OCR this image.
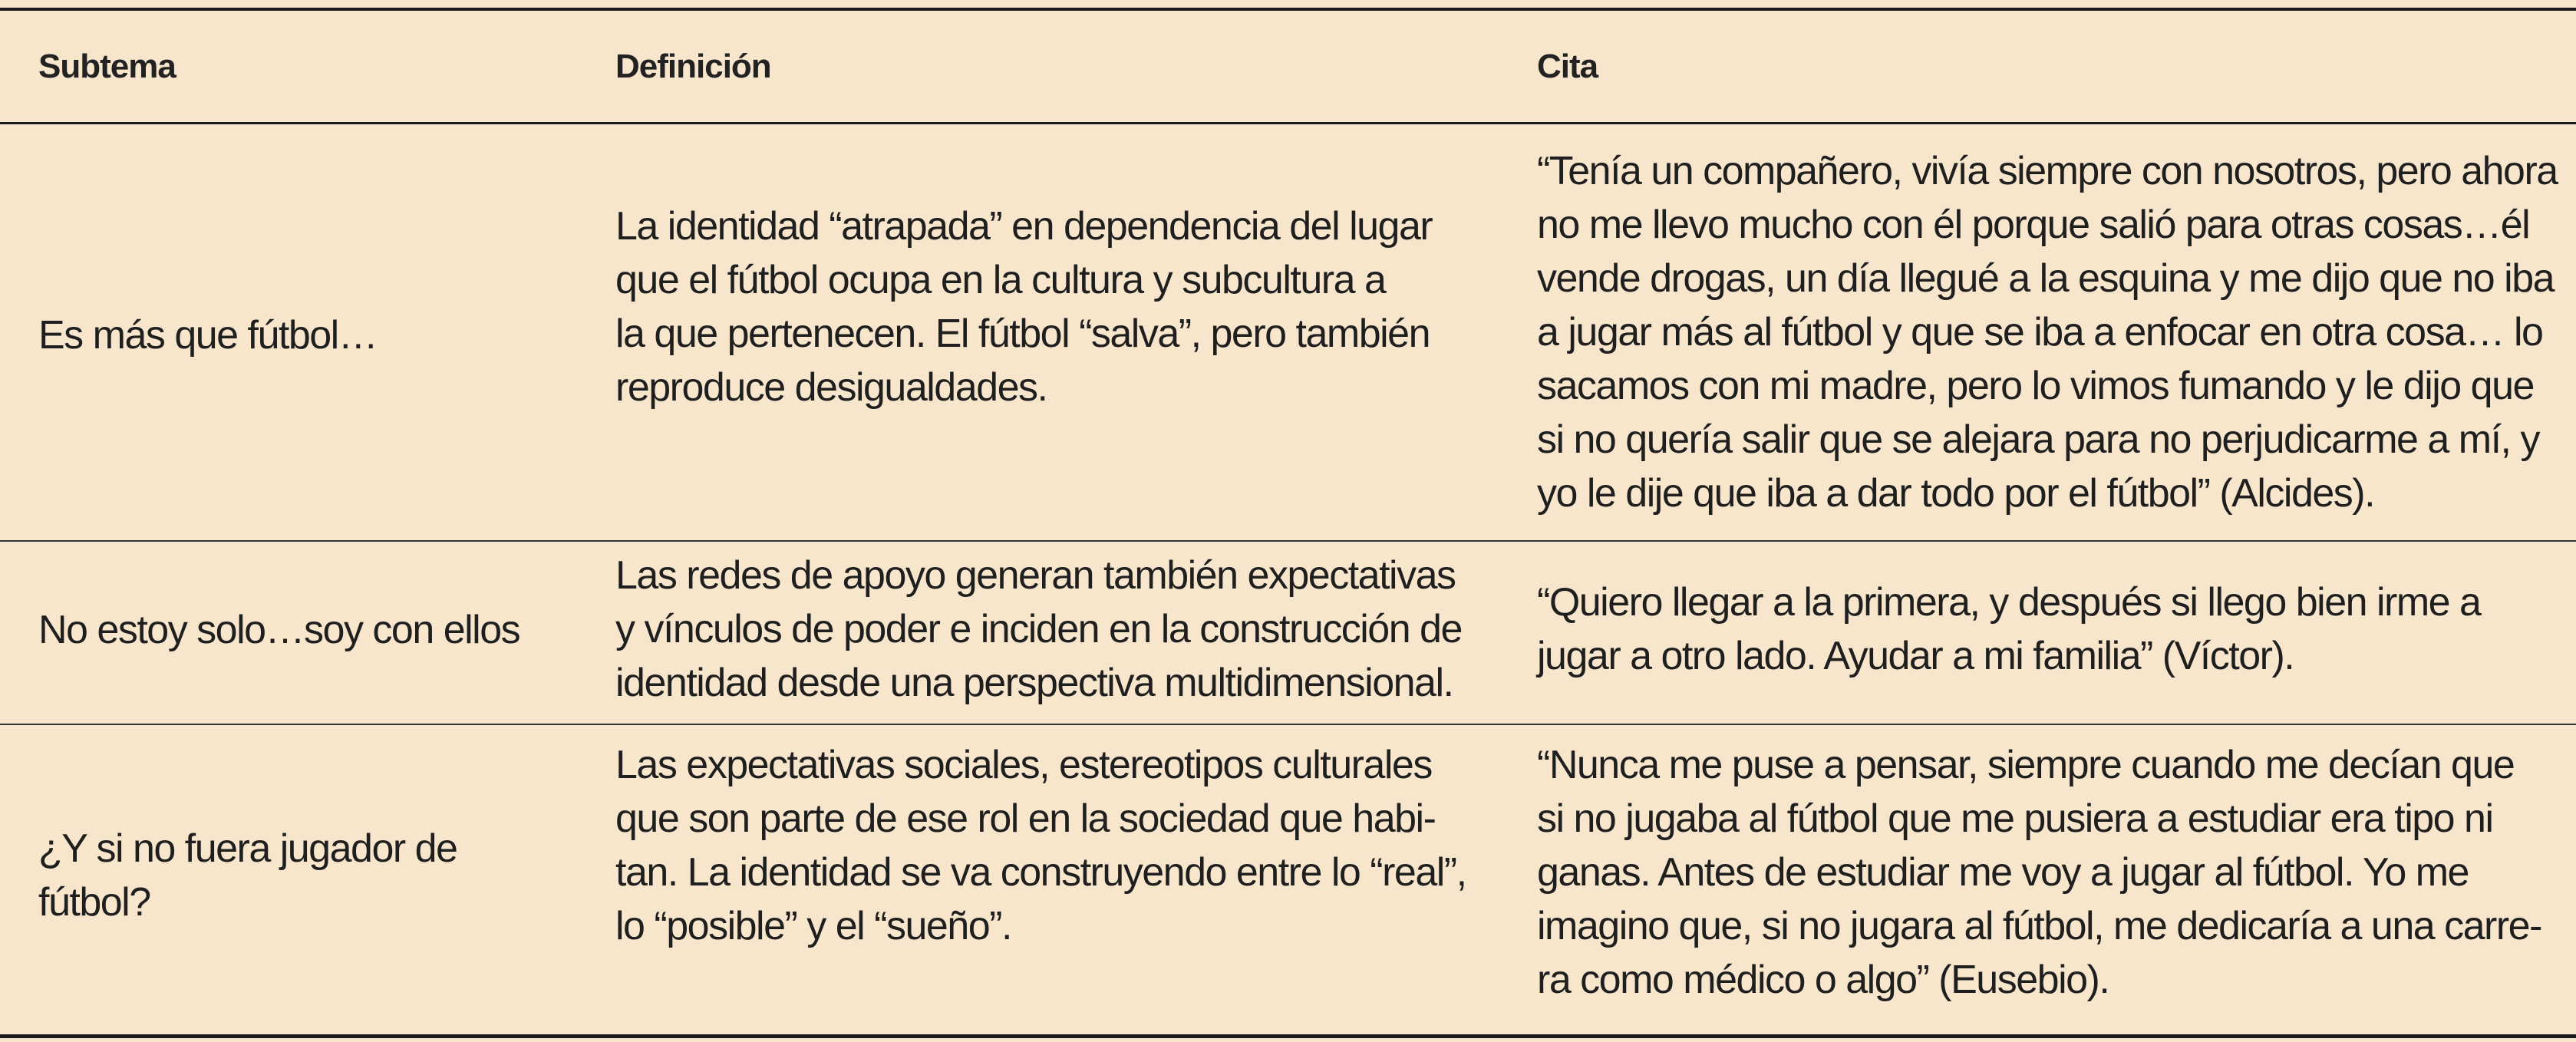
Subtema	Definición	Cita
Es más que fútbol…
La identidad “atrapada” en dependencia del lugar
que el fútbol ocupa en la cultura y subcultura a
la que pertenecen. El fútbol “salva”, pero también
reproduce desigualdades.
“Tenía un compañero, vivía siempre con nosotros, pero ahora
no me llevo mucho con él porque salió para otras cosas…él
vende drogas, un día llegué a la esquina y me dijo que no iba
a jugar más al fútbol y que se iba a enfocar en otra cosa… lo
sacamos con mi madre, pero lo vimos fumando y le dijo que
si no quería salir que se alejara para no perjudicarme a mí, y
yo le dije que iba a dar todo por el fútbol” (Alcides).
No estoy solo…soy con ellos
Las redes de apoyo generan también expectativas
y vínculos de poder e inciden en la construcción de
identidad desde una perspectiva multidimensional.
“Quiero llegar a la primera, y después si llego bien irme a
jugar a otro lado. Ayudar a mi familia” (Víctor).
¿Y si no fuera jugador de
fútbol?
Las expectativas sociales, estereotipos culturales
que son parte de ese rol en la sociedad que habi-
tan. La identidad se va construyendo entre lo “real”,
lo “posible” y el “sueño”.
“Nunca me puse a pensar, siempre cuando me decían que
si no jugaba al fútbol que me pusiera a estudiar era tipo ni
ganas. Antes de estudiar me voy a jugar al fútbol. Yo me
imagino que, si no jugara al fútbol, me dedicaría a una carre-
ra como médico o algo” (Eusebio).
